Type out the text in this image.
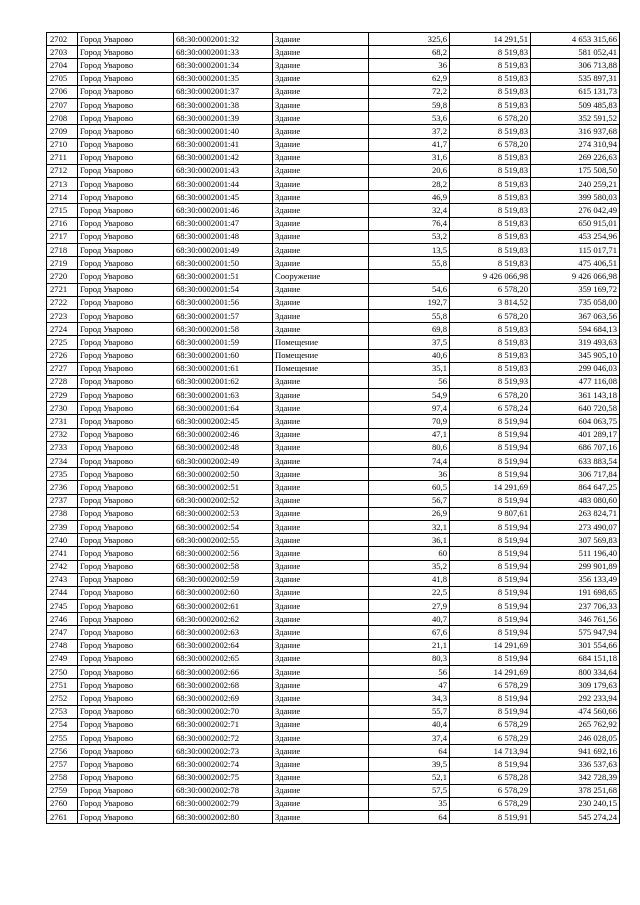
2702	Город Уварово	68:30:0002001:32	Здание	325,6	14 291,51	4 653 315,66
2703	Город Уварово	68:30:0002001:33	Здание	68,2	8 519,83	581 052,41
2704	Город Уварово	68:30:0002001:34	Здание	36	8 519,83	306 713,88
2705	Город Уварово	68:30:0002001:35	Здание	62,9	8 519,83	535 897,31
2706	Город Уварово	68:30:0002001:37	Здание	72,2	8 519,83	615 131,73
2707	Город Уварово	68:30:0002001:38	Здание	59,8	8 519,83	509 485,83
2708	Город Уварово	68:30:0002001:39	Здание	53,6	6 578,20	352 591,52
2709	Город Уварово	68:30:0002001:40	Здание	37,2	8 519,83	316 937,68
2710	Город Уварово	68:30:0002001:41	Здание	41,7	6 578,20	274 310,94
2711	Город Уварово	68:30:0002001:42	Здание	31,6	8 519,83	269 226,63
2712	Город Уварово	68:30:0002001:43	Здание	20,6	8 519,83	175 508,50
2713	Город Уварово	68:30:0002001:44	Здание	28,2	8 519,83	240 259,21
2714	Город Уварово	68:30:0002001:45	Здание	46,9	8 519,83	399 580,03
2715	Город Уварово	68:30:0002001:46	Здание	32,4	8 519,83	276 042,49
2716	Город Уварово	68:30:0002001:47	Здание	76,4	8 519,83	650 915,01
2717	Город Уварово	68:30:0002001:48	Здание	53,2	8 519,83	453 254,96
2718	Город Уварово	68:30:0002001:49	Здание	13,5	8 519,83	115 017,71
2719	Город Уварово	68:30:0002001:50	Здание	55,8	8 519,83	475 406,51
2720	Город Уварово	68:30:0002001:51	Сооружение		9 426 066,98	9 426 066,98
2721	Город Уварово	68:30:0002001:54	Здание	54,6	6 578,20	359 169,72
2722	Город Уварово	68:30:0002001:56	Здание	192,7	3 814,52	735 058,00
2723	Город Уварово	68:30:0002001:57	Здание	55,8	6 578,20	367 063,56
2724	Город Уварово	68:30:0002001:58	Здание	69,8	8 519,83	594 684,13
2725	Город Уварово	68:30:0002001:59	Помещение	37,5	8 519,83	319 493,63
2726	Город Уварово	68:30:0002001:60	Помещение	40,6	8 519,83	345 905,10
2727	Город Уварово	68:30:0002001:61	Помещение	35,1	8 519,83	299 046,03
2728	Город Уварово	68:30:0002001:62	Здание	56	8 519,93	477 116,08
2729	Город Уварово	68:30:0002001:63	Здание	54,9	6 578,20	361 143,18
2730	Город Уварово	68:30:0002001:64	Здание	97,4	6 578,24	640 720,58
2731	Город Уварово	68:30:0002002:45	Здание	70,9	8 519,94	604 063,75
2732	Город Уварово	68:30:0002002:46	Здание	47,1	8 519,94	401 289,17
2733	Город Уварово	68:30:0002002:48	Здание	80,6	8 519,94	686 707,16
2734	Город Уварово	68:30:0002002:49	Здание	74,4	8 519,94	633 883,54
2735	Город Уварово	68:30:0002002:50	Здание	36	8 519,94	306 717,84
2736	Город Уварово	68:30:0002002:51	Здание	60,5	14 291,69	864 647,25
2737	Город Уварово	68:30:0002002:52	Здание	56,7	8 519,94	483 080,60
2738	Город Уварово	68:30:0002002:53	Здание	26,9	9 807,61	263 824,71
2739	Город Уварово	68:30:0002002:54	Здание	32,1	8 519,94	273 490,07
2740	Город Уварово	68:30:0002002:55	Здание	36,1	8 519,94	307 569,83
2741	Город Уварово	68:30:0002002:56	Здание	60	8 519,94	511 196,40
2742	Город Уварово	68:30:0002002:58	Здание	35,2	8 519,94	299 901,89
2743	Город Уварово	68:30:0002002:59	Здание	41,8	8 519,94	356 133,49
2744	Город Уварово	68:30:0002002:60	Здание	22,5	8 519,94	191 698,65
2745	Город Уварово	68:30:0002002:61	Здание	27,9	8 519,94	237 706,33
2746	Город Уварово	68:30:0002002:62	Здание	40,7	8 519,94	346 761,56
2747	Город Уварово	68:30:0002002:63	Здание	67,6	8 519,94	575 947,94
2748	Город Уварово	68:30:0002002:64	Здание	21,1	14 291,69	301 554,66
2749	Город Уварово	68:30:0002002:65	Здание	80,3	8 519,94	684 151,18
2750	Город Уварово	68:30:0002002:66	Здание	56	14 291,69	800 334,64
2751	Город Уварово	68:30:0002002:68	Здание	47	6 578,29	309 179,63
2752	Город Уварово	68:30:0002002:69	Здание	34,3	8 519,94	292 233,94
2753	Город Уварово	68:30:0002002:70	Здание	55,7	8 519,94	474 560,66
2754	Город Уварово	68:30:0002002:71	Здание	40,4	6 578,29	265 762,92
2755	Город Уварово	68:30:0002002:72	Здание	37,4	6 578,29	246 028,05
2756	Город Уварово	68:30:0002002:73	Здание	64	14 713,94	941 692,16
2757	Город Уварово	68:30:0002002:74	Здание	39,5	8 519,94	336 537,63
2758	Город Уварово	68:30:0002002:75	Здание	52,1	6 578,28	342 728,39
2759	Город Уварово	68:30:0002002:78	Здание	57,5	6 578,29	378 251,68
2760	Город Уварово	68:30:0002002:79	Здание	35	6 578,29	230 240,15
2761	Город Уварово	68:30:0002002:80	Здание	64	8 519,91	545 274,24
